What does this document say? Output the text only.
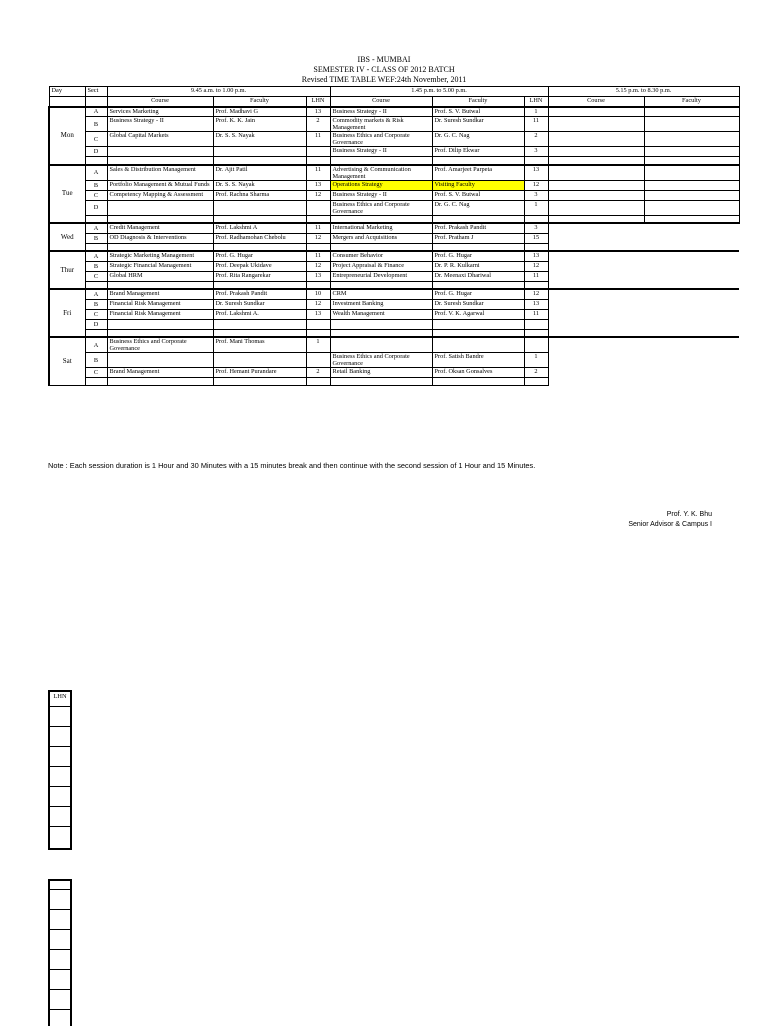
IBS - MUMBAI
SEMESTER IV - CLASS OF 2012 BATCH
Revised TIME TABLE WEF:24th November, 2011
Day	Sect	9.45 a.m. to 1.00 p.m.			1.45 p.m. to 5.00 p.m.			5.15 p.m. to 8.30 p.m.	
		Course	Faculty	LHN	Course	Faculty	LHN	Course	Faculty
Mon	A	Services Marketing	Prof. Madhavi G	13	Business Strategy - II	Prof. S. V. Butwal	1		
	B	Business Strategy - II	Prof. K. K. Jain	2	Commodity markets & Risk Management	Dr. Suresh Sundkar	11		
	C	Global Capital Markets	Dr. S. S. Nayak	11	Business Ethics and Corporate Governance	Dr. G. C. Nag	2		
	D				Business Strategy - II	Prof. Dilip Ekwar	3		

Tue	A	Sales & Distribution Management	Dr. Ajit Patil	11	Advertising & Communication Management	Prof. Amarjeet Parpeta	13		
	B	Portfolio Management & Mutual Funds	Dr. S. S. Nayak	13	Operations Strategy	Visiting Faculty	12		
	C	Competency Mapping & Assessment	Prof. Rachna Sharma	12	Business Strategy - II	Prof. S. V. Butwal	3		
	D				Business Ethics and Corporate Governance	Dr. G. C. Nag	1		

Wed	A	Credit Management	Prof. Lakshmi A	11	International Marketing	Prof. Prakash Pandit	3		
	B	OD Diagnosis & Interventions	Prof. Radhamohan Chebolu	12	Mergers and Acquisitions	Prof. Pratham J	15		

Thur	A	Strategic Marketing Management	Prof. G. Hugar	11	Consumer Behavior	Prof. G. Hugar	13		
	B	Strategic Financial Management	Prof. Deepak Ukidave	12	Project Appraisal & Finance	Dr. P. R. Kulkarni	12		
	C	Global HRM	Prof. Rita Rangarekar	13	Entrepreneurial Development	Dr. Meenaxi Dhariwal	11		

Fri	A	Brand Management	Prof. Prakash Pandit	10	CRM	Prof. G. Hugar	12		
	B	Financial Risk Management	Dr. Suresh Sundkar	12	Investment Banking	Dr. Suresh Sundkar	13		
	C	Financial Risk Management	Prof. Lakshmi A.	13	Wealth Management	Prof. V. K. Agarwal	11		
	D								

Sat	A	Business Ethics and Corporate Governance	Prof. Mani Thomas	1					
	B				Business Ethics and Corporate Governance	Prof. Satish Bandre	1		
	C	Brand Management	Prof. Hemant Purandare	2	Retail Banking	Prof. Oksan Gonsalves	2		

Note : Each session duration is 1 Hour and 30 Minutes with a 15 minutes break and then continue with the second session of 1 Hour and 15 Minutes.
Prof. Y. K. Bhu
Senior Advisor & Campus I
LHN
